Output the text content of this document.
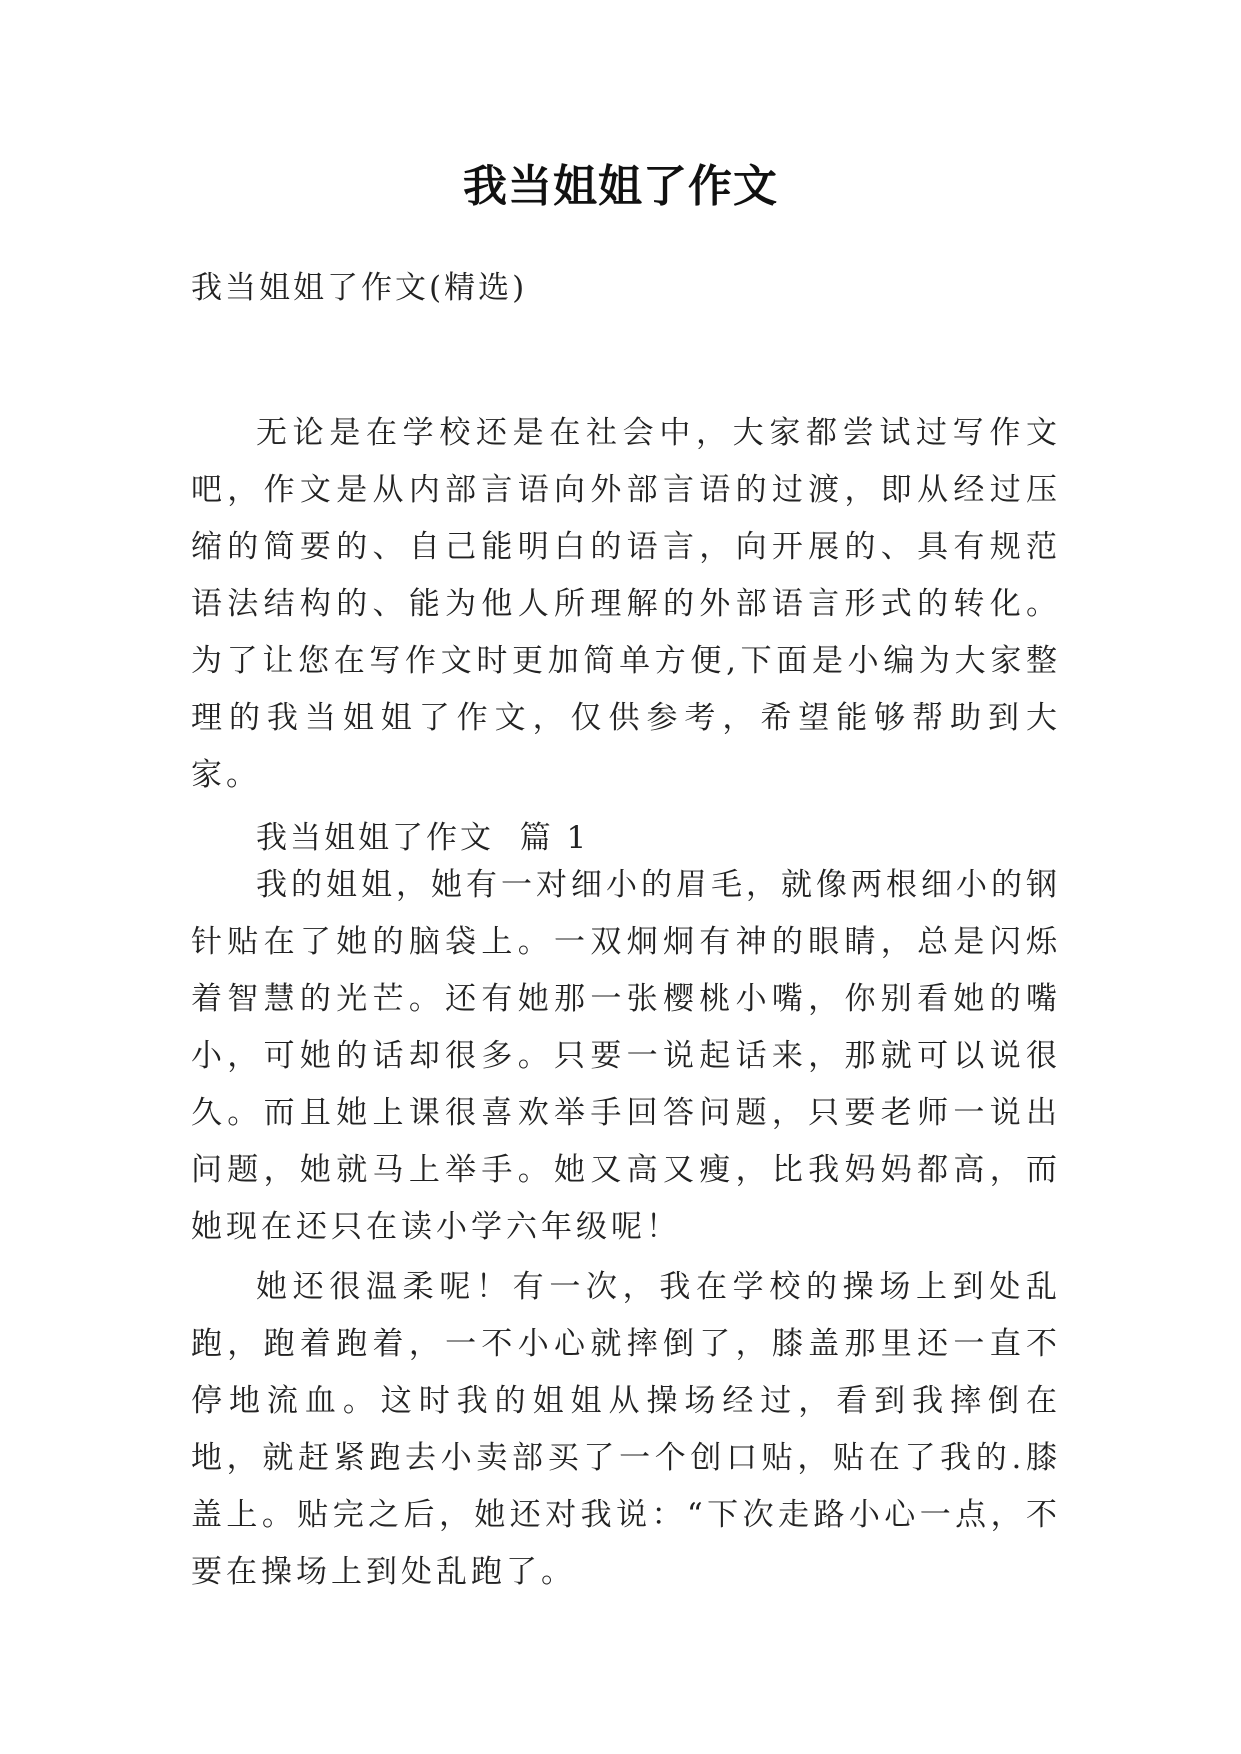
我当姐姐了作文
我当姐姐了作文(精选)

无论是在学校还是在社会中，大家都尝试过写作文吧，作文是从内部言语向外部言语的过渡，即从经过压缩的简要的、自己能明白的语言，向开展的、具有规范语法结构的、能为他人所理解的外部语言形式的转化。为了让您在写作文时更加简单方便,下面是小编为大家整理的我当姐姐了作文，仅供参考，希望能够帮助到大家。

我当姐姐了作文  篇 1

我的姐姐，她有一对细小的眉毛，就像两根细小的钢针贴在了她的脑袋上。一双炯炯有神的眼睛，总是闪烁着智慧的光芒。还有她那一张樱桃小嘴，你别看她的嘴小，可她的话却很多。只要一说起话来，那就可以说很久。而且她上课很喜欢举手回答问题，只要老师一说出问题，她就马上举手。她又高又瘦，比我妈妈都高，而她现在还只在读小学六年级呢！

她还很温柔呢！有一次，我在学校的操场上到处乱跑，跑着跑着，一不小心就摔倒了，膝盖那里还一直不停地流血。这时我的姐姐从操场经过，看到我摔倒在地，就赶紧跑去小卖部买了一个创口贴，贴在了我的.膝盖上。贴完之后，她还对我说：“下次走路小心一点，不要在操场上到处乱跑了。
